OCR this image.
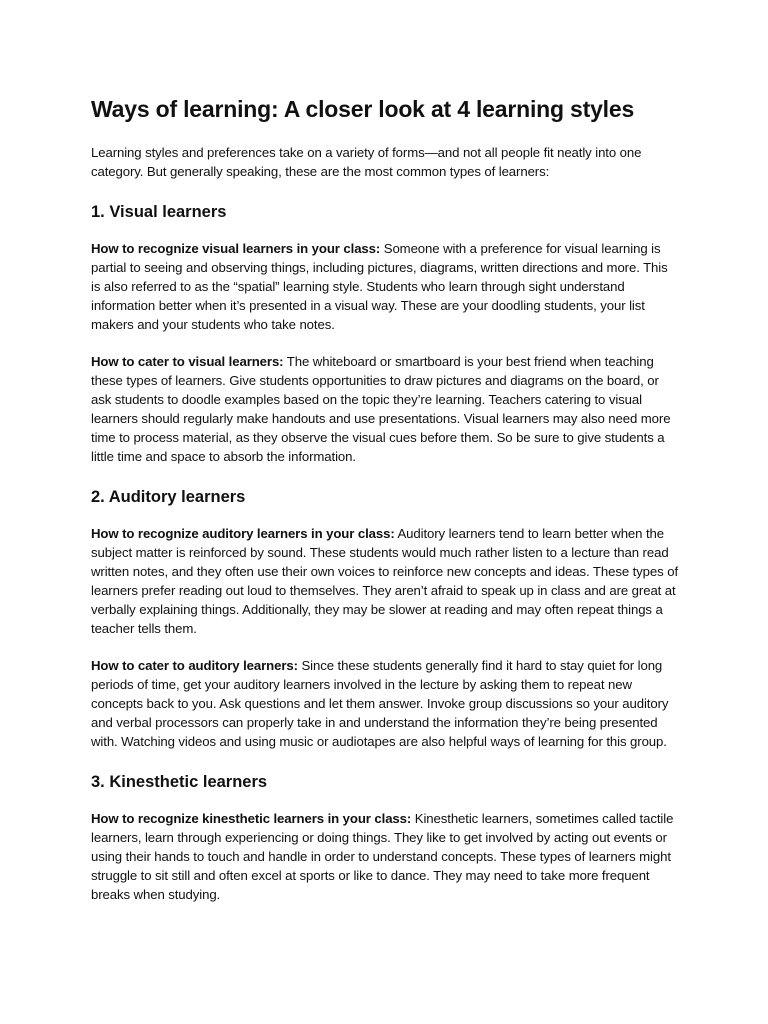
Ways of learning: A closer look at 4 learning styles

Learning styles and preferences take on a variety of forms—and not all people fit neatly into one category. But generally speaking, these are the most common types of learners:

1. Visual learners

How to recognize visual learners in your class: Someone with a preference for visual learning is partial to seeing and observing things, including pictures, diagrams, written directions and more. This is also referred to as the “spatial” learning style. Students who learn through sight understand information better when it’s presented in a visual way. These are your doodling students, your list makers and your students who take notes.

How to cater to visual learners: The whiteboard or smartboard is your best friend when teaching these types of learners. Give students opportunities to draw pictures and diagrams on the board, or ask students to doodle examples based on the topic they’re learning. Teachers catering to visual learners should regularly make handouts and use presentations. Visual learners may also need more time to process material, as they observe the visual cues before them. So be sure to give students a little time and space to absorb the information.

2. Auditory learners

How to recognize auditory learners in your class: Auditory learners tend to learn better when the subject matter is reinforced by sound. These students would much rather listen to a lecture than read written notes, and they often use their own voices to reinforce new concepts and ideas. These types of learners prefer reading out loud to themselves. They aren’t afraid to speak up in class and are great at verbally explaining things. Additionally, they may be slower at reading and may often repeat things a teacher tells them.

How to cater to auditory learners: Since these students generally find it hard to stay quiet for long periods of time, get your auditory learners involved in the lecture by asking them to repeat new concepts back to you. Ask questions and let them answer. Invoke group discussions so your auditory and verbal processors can properly take in and understand the information they’re being presented with. Watching videos and using music or audiotapes are also helpful ways of learning for this group.

3. Kinesthetic learners

How to recognize kinesthetic learners in your class: Kinesthetic learners, sometimes called tactile learners, learn through experiencing or doing things. They like to get involved by acting out events or using their hands to touch and handle in order to understand concepts. These types of learners might struggle to sit still and often excel at sports or like to dance. They may need to take more frequent breaks when studying.
